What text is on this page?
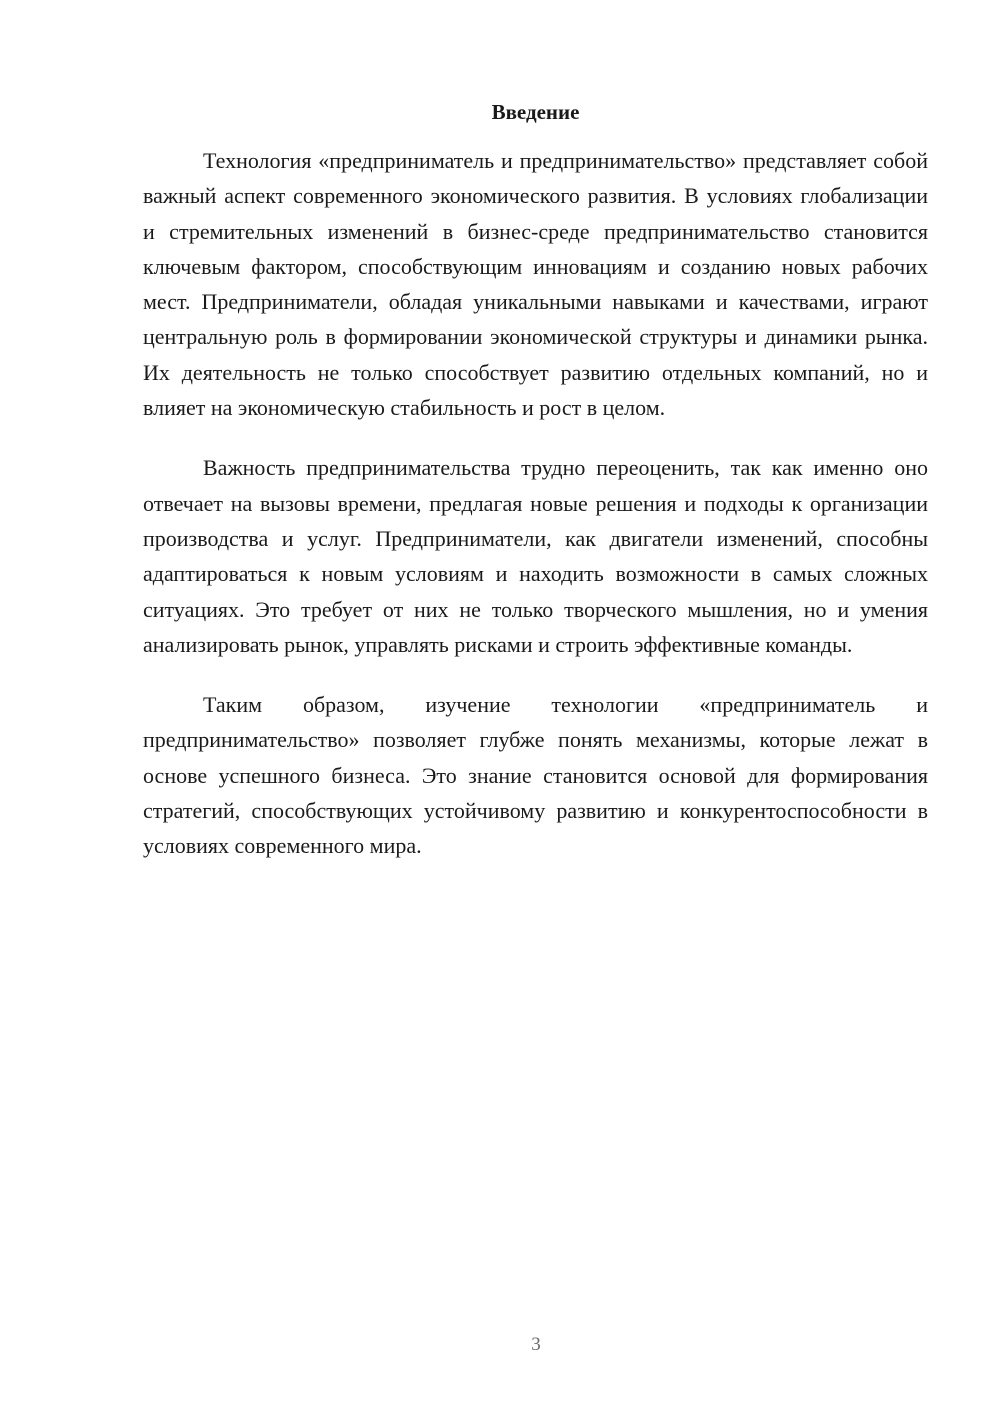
Введение

Технология «предприниматель и предпринимательство» представляет собой важный аспект современного экономического развития. В условиях глобализации и стремительных изменений в бизнес-среде предпринимательство становится ключевым фактором, способствующим инновациям и созданию новых рабочих мест. Предприниматели, обладая уникальными навыками и качествами, играют центральную роль в формировании экономической структуры и динамики рынка. Их деятельность не только способствует развитию отдельных компаний, но и влияет на экономическую стабильность и рост в целом.

Важность предпринимательства трудно переоценить, так как именно оно отвечает на вызовы времени, предлагая новые решения и подходы к организации производства и услуг. Предприниматели, как двигатели изменений, способны адаптироваться к новым условиям и находить возможности в самых сложных ситуациях. Это требует от них не только творческого мышления, но и умения анализировать рынок, управлять рисками и строить эффективные команды.

Таким образом, изучение технологии «предприниматель и предпринимательство» позволяет глубже понять механизмы, которые лежат в основе успешного бизнеса. Это знание становится основой для формирования стратегий, способствующих устойчивому развитию и конкурентоспособности в условиях современного мира.

3
